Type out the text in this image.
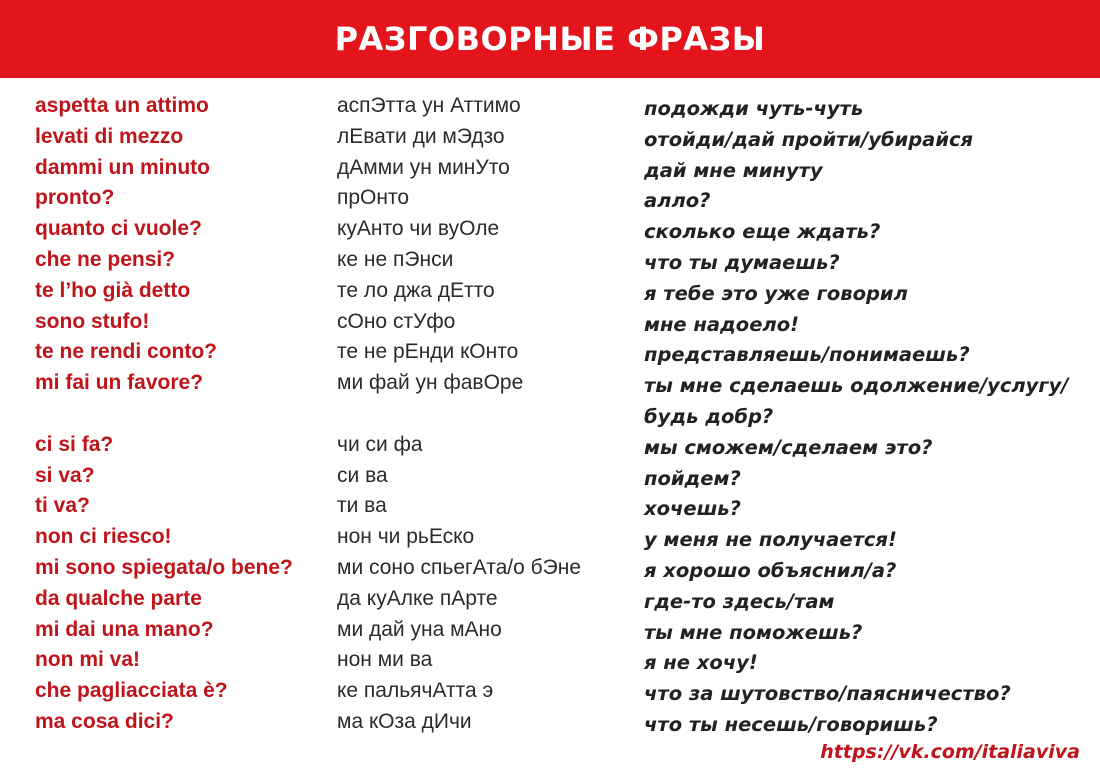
РАЗГОВОРНЫЕ ФРАЗЫ
aspetta un attimo
levati di mezzo
dammi un minuto
pronto?
quanto ci vuole?
che ne pensi?
te l’ho già detto
sono stufo!
te ne rendi conto?
mi fai un favore?
ci si fa?
si va?
ti va?
non ci riesco!
mi sono spiegata/o bene?
da qualche parte
mi dai una mano?
non mi va!
che pagliacciata è?
ma cosa dici?
аспЭтта ун Аттимо
лЕвати ди мЭдзо
дАмми ун минУто
прОнто
куАнто чи вуОле
ке не пЭнси
те ло джа дЕтто
сОно стУфо
те не рЕнди кОнто
ми фай ун фавОре
чи си фа
си ва
ти ва
нон чи рьЕско
ми соно спьегАта/о бЭне
да куАлке пАрте
ми дай уна мАно
нон ми ва
ке пальячАтта э
ма кОза дИчи
подожди чуть-чуть
отойди/дай пройти/убирайся
дай мне минуту
алло?
сколько еще ждать?
что ты думаешь?
я тебе это уже говорил
мне надоело!
представляешь/понимаешь?
ты мне сделаешь одолжение/услугу/
будь добр?
мы сможем/сделаем это?
пойдем?
хочешь?
у меня не получается!
я хорошо объяснил/а?
где-то здесь/там
ты мне поможешь?
я не хочу!
что за шутовство/паясничество?
что ты несешь/говоришь?
https://vk.com/italiaviva
